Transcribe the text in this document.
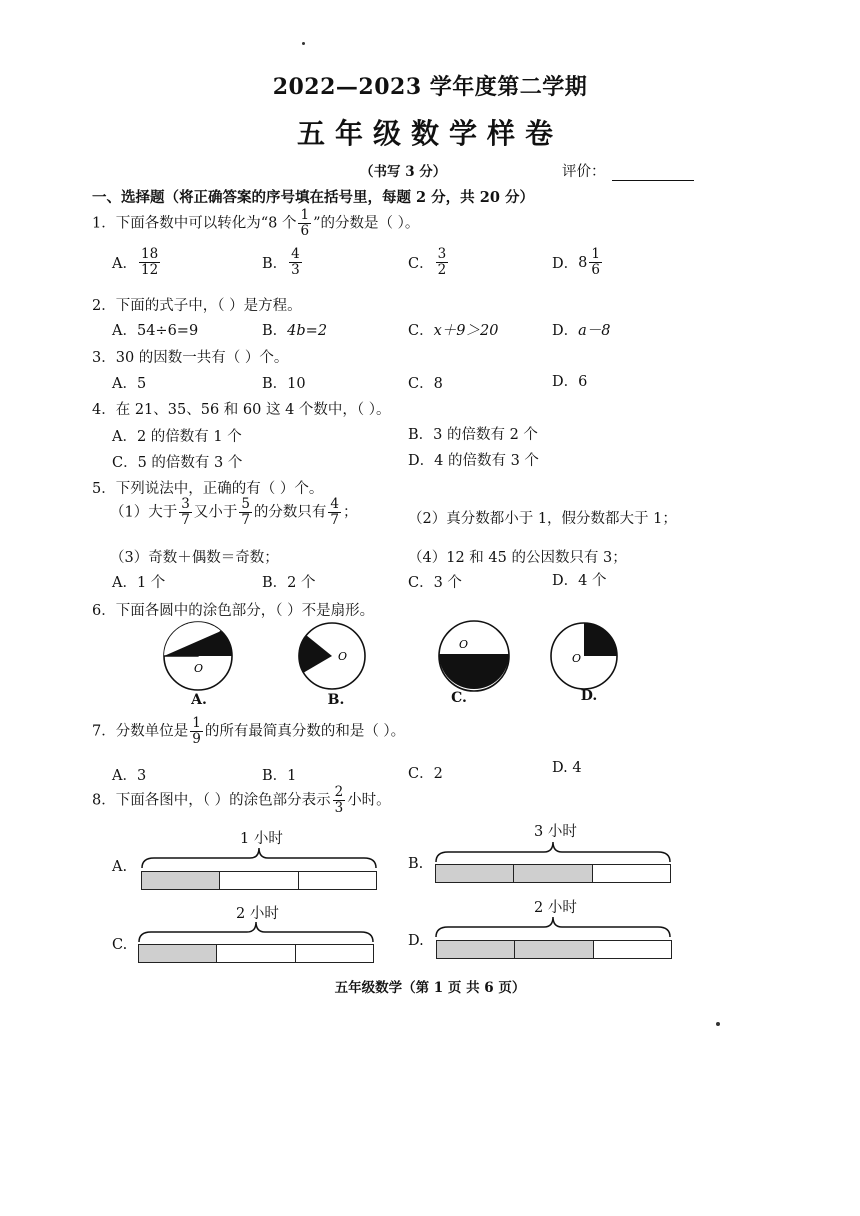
2022—2023 学年度第二学期
五年级数学样卷
（书写 3 分）	评价：
一、选择题（将正确答案的序号填在括号里，每题 2 分，共 20 分）
1．下面各数中可以转化为“8 个 $\frac{1}{6}$ ”的分数是（ ）。
A． $\frac{18}{12}$	B． $\frac{4}{3}$	C． $\frac{3}{2}$	D．$8 \frac{1}{6}$
2．下面的式子中，（ ）是方程。
A．54÷6=9	B．4b=2	C．x＋9＞20	D．a－8
3．30 的因数一共有（ ）个。
A．5	B．10	C．8	D．6
4．在 21、35、56 和 60 这 4 个数中，（ ）。
A．2 的倍数有 1 个	B．3 的倍数有 2 个
C．5 的倍数有 3 个	D．4 的倍数有 3 个
5．下列说法中，正确的有（ ）个。
（1）大于 $\frac{3}{7}$ 又小于 $\frac{5}{7}$ 的分数只有 $\frac{4}{7}$ ；	（2）真分数都小于 1，假分数都大于 1；
（3）奇数＋偶数＝奇数；	（4）12 和 45 的公因数只有 3；
A．1 个	B．2 个	C．3 个	D．4 个
6．下面各圆中的涂色部分，（ ）不是扇形。
O
O
O
O
A.	B.	C.	D.
7．分数单位是 $\frac{1}{9}$ 的所有最简真分数的和是（ ）。
A．3	B．1	C．2	D. 4
8．下面各图中，（ ）的涂色部分表示 $\frac{2}{3}$ 小时。
1 小时
A.
3 小时
B.
2 小时
C.
2 小时
D.
五年级数学（第 1 页 共 6 页）
